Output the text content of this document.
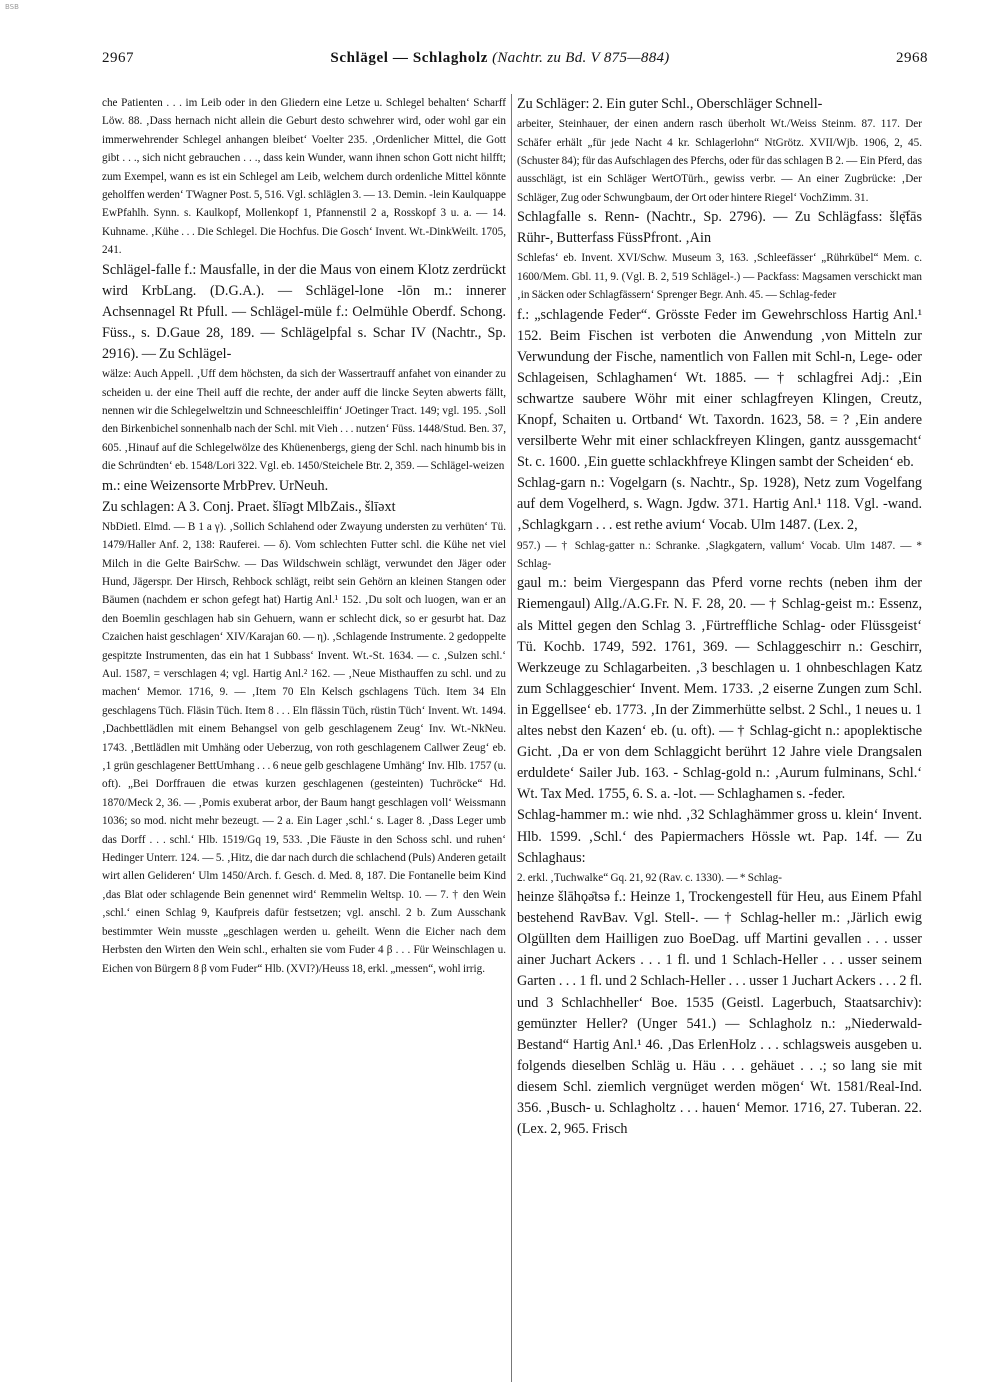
BSB
2967	Schlägel — Schlagholz (Nachtr. zu Bd. V 875—884)	2968

che Patienten . . . im Leib oder in den Gliedern eine Letze u. Schlegel behalten‘ Scharff Löw. 88. ‚Dass hernach nicht allein die Geburt desto schwehrer wird, oder wohl gar ein immerwehrender Schlegel anhangen bleibet‘ Voelter 235. ‚Ordenlicher Mittel, die Gott gibt . . ., sich nicht gebrauchen . . ., dass kein Wunder, wann ihnen schon Gott nicht hilfft; zum Exempel, wann es ist ein Schlegel am Leib, welchem durch ordenliche Mittel könnte geholffen werden‘ TWagner Post. 5, 516. Vgl. schläglen 3. — 13. Demin. -lein Kaulquappe EwPfahlh. Synn. s. Kaulkopf, Mollenkopf 1, Pfannenstil 2 a, Rosskopf 3 u. a. — 14. Kuhname. ‚Kühe . . . Die Schlegel. Die Hochfus. Die Gosch‘ Invent. Wt.-DinkWeilt. 1705, 241.

Schlägel-falle f.: Mausfalle, in der die Maus von einem Klotz zerdrückt wird KrbLang. (D.G.A.). — Schlägel-lone -lōn m.: innerer Achsennagel Rt Pfull. — Schlägel-müle f.: Oelmühle Oberdf. Schong. Füss., s. D.Gaue 28, 189. — Schlägelpfal s. Schar IV (Nachtr., Sp. 2916). — Zu Schlägel-

wälze: Auch Appell. ‚Uff dem höchsten, da sich der Wassertrauff anfahet von einander zu scheiden u. der eine Theil auff die rechte, der ander auff die lincke Seyten abwerts fällt, nennen wir die Schlegelweltzin und Schneeschleiffin‘ JOetinger Tract. 149; vgl. 195. ‚Soll den Birkenbichel sonnenhalb nach der Schl. mit Vieh . . . nutzen‘ Füss. 1448/Stud. Ben. 37, 605. ‚Hinauf auf die Schlegelwölze des Khüenenbergs, gieng der Schl. nach hinumb bis in die Schründten‘ eb. 1548/Lori 322. Vgl. eb. 1450/Steichele Btr. 2, 359. — Schlägel-weizen

m.: eine Weizensorte MrbPrev. UrNeuh.

Zu schlagen: A 3. Conj. Praet. šlīəgt MlbZais., šlīəxt

NbDietl. Elmd. — B 1 a γ). ‚Sollich Schlahend oder Zwayung understen zu verhüten‘ Tü. 1479/Haller Anf. 2, 138: Rauferei. — δ). Vom schlechten Futter schl. die Kühe net viel Milch in die Gelte BairSchw. — Das Wildschwein schlägt, verwundet den Jäger oder Hund, Jägerspr. Der Hirsch, Rehbock schlägt, reibt sein Gehörn an kleinen Stangen oder Bäumen (nachdem er schon gefegt hat) Hartig Anl.¹ 152. ‚Du solt och luogen, wan er an den Boemlin geschlagen hab sin Gehuern, wann er schlecht dick, so er gesurbt hat. Daz Czaichen haist geschlagen‘ XIV/Karajan 60. — η). ‚Schlagende Instrumente. 2 gedoppelte gespitzte Instrumenten, das ein hat 1 Subbass‘ Invent. Wt.-St. 1634. — c. ‚Sulzen schl.‘ Aul. 1587, = verschlagen 4; vgl. Hartig Anl.² 162. — ‚Neue Misthauffen zu schl. und zu machen‘ Memor. 1716, 9. — ‚Item 70 Eln Kelsch gschlagens Tüch. Item 34 Eln geschlagens Tüch. Fläsin Tüch. Item 8 . . . Eln flässin Tüch, rüstin Tüch‘ Invent. Wt. 1494. ‚Dachbettlädlen mit einem Behangsel von gelb geschlagenem Zeug‘ Inv. Wt.-NkNeu. 1743. ‚Bettlädlen mit Umhäng oder Ueberzug, von roth geschlagenem Callwer Zeug‘ eb. ‚1 grün geschlagener BettUmhang . . . 6 neue gelb geschlagene Umhäng‘ Inv. Hlb. 1757 (u. oft). „Bei Dorffrauen die etwas kurzen geschlagenen (gesteinten) Tuchröcke“ Hd. 1870/Meck 2, 36. — ‚Pomis exuberat arbor, der Baum hangt geschlagen voll‘ Weissmann 1036; so mod. nicht mehr bezeugt. — 2 a. Ein Lager ‚schl.‘ s. Lager 8. ‚Dass Leger umb das Dorff . . . schl.‘ Hlb. 1519/Gq 19, 533. ‚Die Fäuste in den Schoss schl. und ruhen‘ Hedinger Unterr. 124. — 5. ‚Hitz, die dar nach durch die schlachend (Puls) Anderen getailt wirt allen Gelideren‘ Ulm 1450/Arch. f. Gesch. d. Med. 8, 187. Die Fontanelle beim Kind ‚das Blat oder schlagende Bein genennet wird‘ Remmelin Weltsp. 10. — 7. † den Wein ‚schl.‘ einen Schlag 9, Kaufpreis dafür festsetzen; vgl. anschl. 2 b. Zum Ausschank bestimmter Wein musste „geschlagen werden u. geheilt. Wenn die Eicher nach dem Herbsten den Wirten den Wein schl., erhalten sie vom Fuder 4 β . . . Für Weinschlagen u. Eichen von Bürgern 8 β vom Fuder“ Hlb. (XVI?)/Heuss 18, erkl. „messen“, wohl irrig.

Zu Schläger: 2. Ein guter Schl., Oberschläger Schnell-

arbeiter, Steinhauer, der einen andern rasch überholt Wt./Weiss Steinm. 87. 117. Der Schäfer erhält „für jede Nacht 4 kr. Schlagerlohn“ NtGrötz. XVII/Wjb. 1906, 2, 45. (Schuster 84); für das Aufschlagen des Pferchs, oder für das schlagen B 2. — Ein Pferd, das ausschlägt, ist ein Schläger WertOTürh., gewiss verbr. — An einer Zugbrücke: ‚Der Schläger, Zug oder Schwungbaum, der Ort oder hintere Riegel‘ VochZimm. 31.

Schlagfalle s. Renn- (Nachtr., Sp. 2796). — Zu Schlägfass: šlę̄fās Rühr-, Butterfass FüssPfront. ‚Ain

Schlefas‘ eb. Invent. XVI/Schw. Museum 3, 163. ‚Schleefässer‘ „Rührkübel“ Mem. c. 1600/Mem. Gbl. 11, 9. (Vgl. B. 2, 519 Schlägel-.) — Packfass: Magsamen verschickt man ‚in Säcken oder Schlagfässern‘ Sprenger Begr. Anh. 45. — Schlag-feder

f.: „schlagende Feder“. Grösste Feder im Gewehrschloss Hartig Anl.¹ 152. Beim Fischen ist verboten die Anwendung ‚von Mitteln zur Verwundung der Fische, namentlich von Fallen mit Schl-n, Lege- oder Schlageisen, Schlaghamen‘ Wt. 1885. — † schlagfrei Adj.: ‚Ein schwartze saubere Wöhr mit einer schlagfreyen Klingen, Creutz, Knopf, Schaiten u. Ortband‘ Wt. Taxordn. 1623, 58. = ? ‚Ein andere versilberte Wehr mit einer schlackfreyen Klingen, gantz aussgemacht‘ St. c. 1600. ‚Ein guette schlackhfreye Klingen sambt der Scheiden‘ eb.

Schlag-garn n.: Vogelgarn (s. Nachtr., Sp. 1928), Netz zum Vogelfang auf dem Vogelherd, s. Wagn. Jgdw. 371. Hartig Anl.¹ 118. Vgl. -wand. ‚Schlagkgarn . . . est rethe avium‘ Vocab. Ulm 1487. (Lex. 2,

957.) — † Schlag-gatter n.: Schranke. ‚Slagkgatern, vallum‘ Vocab. Ulm 1487. — * Schlag-

gaul m.: beim Viergespann das Pferd vorne rechts (neben ihm der Riemengaul) Allg./A.G.Fr. N. F. 28, 20. — † Schlag-geist m.: Essenz, als Mittel gegen den Schlag 3. ‚Fürtreffliche Schlag- oder Flüssgeist‘ Tü. Kochb. 1749, 592. 1761, 369. — Schlaggeschirr n.: Geschirr, Werkzeuge zu Schlagarbeiten. ‚3 beschlagen u. 1 ohnbeschlagen Katz zum Schlaggeschier‘ Invent. Mem. 1733. ‚2 eiserne Zungen zum Schl. in Eggellsee‘ eb. 1773. ‚In der Zimmerhütte selbst. 2 Schl., 1 neues u. 1 altes nebst den Kazen‘ eb. (u. oft). — † Schlag-gicht n.: apoplektische Gicht. ‚Da er von dem Schlaggicht berührt 12 Jahre viele Drangsalen erduldete‘ Sailer Jub. 163. - Schlag-gold n.: ‚Aurum fulminans, Schl.‘ Wt. Tax Med. 1755, 6. S. a. -lot. — Schlaghamen s. -feder.

Schlag-hammer m.: wie nhd. ‚32 Schlaghämmer gross u. klein‘ Invent. Hlb. 1599. ‚Schl.‘ des Papiermachers Hössle wt. Pap. 14f. — Zu Schlaghaus:

2. erkl. ‚Tuchwalke“ Gq. 21, 92 (Rav. c. 1330). — * Schlag-

heinze šlāhǫə̄tsə f.: Heinze 1, Trockengestell für Heu, aus Einem Pfahl bestehend RavBav. Vgl. Stell-. — † Schlag-heller m.: ‚Järlich ewig Olgüllten dem Hailligen zuo BoeDag. uff Martini gevallen . . . usser ainer Juchart Ackers . . . 1 fl. und 1 Schlach-Heller . . . usser seinem Garten . . . 1 fl. und 2 Schlach-Heller . . . usser 1 Juchart Ackers . . . 2 fl. und 3 Schlachheller‘ Boe. 1535 (Geistl. Lagerbuch, Staatsarchiv): gemünzter Heller? (Unger 541.) — Schlagholz n.: „Niederwald-Bestand“ Hartig Anl.¹ 46. ‚Das ErlenHolz . . . schlagsweis ausgeben u. folgends dieselben Schläg u. Häu . . . gehäuet . . .; so lang sie mit diesem Schl. ziemlich vergnüget werden mögen‘ Wt. 1581/Real-Ind. 356. ‚Busch- u. Schlagholtz . . . hauen‘ Memor. 1716, 27. Tuberan. 22. (Lex. 2, 965. Frisch
